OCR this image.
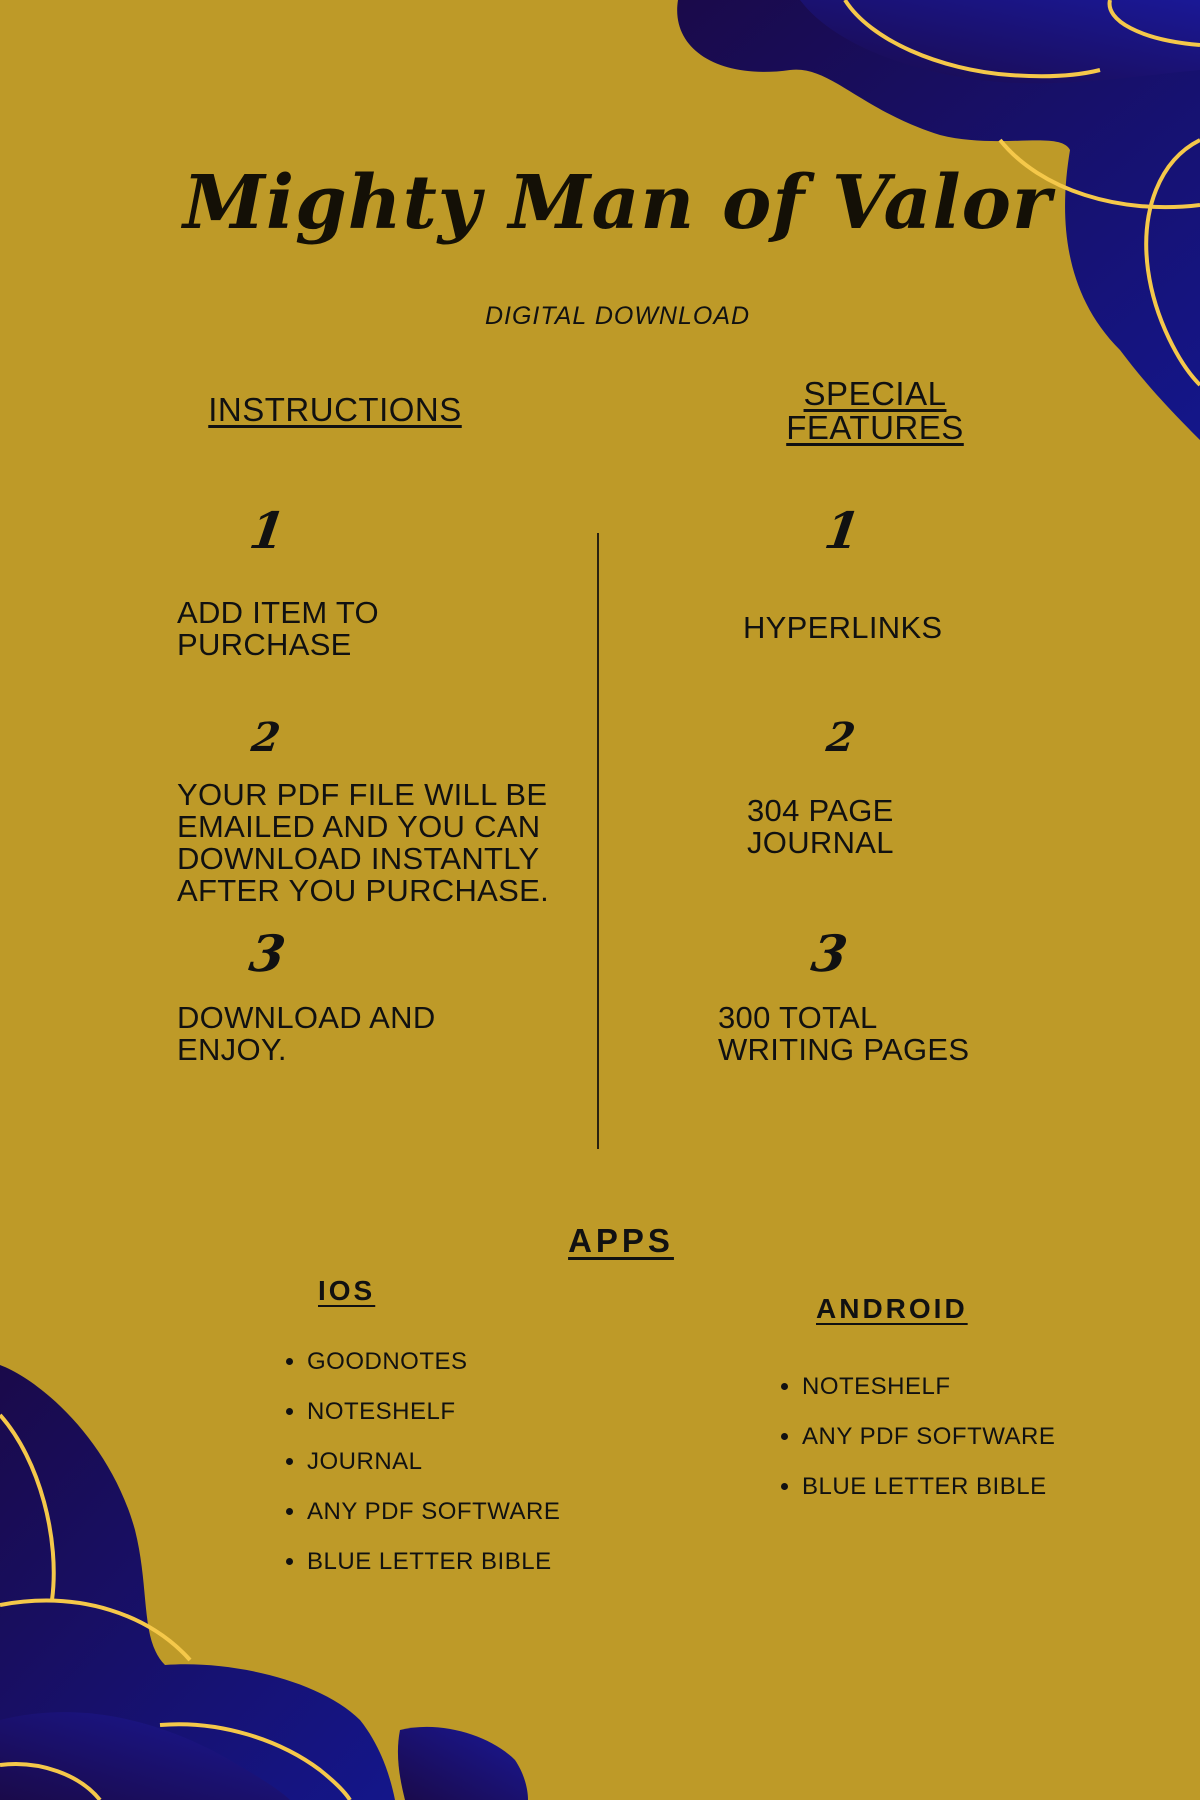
Mighty Man of Valor
DIGITAL DOWNLOAD
INSTRUCTIONS
1
ADD ITEM TO PURCHASE
2
YOUR PDF FILE WILL BE EMAILED AND YOU CAN DOWNLOAD INSTANTLY AFTER YOU PURCHASE.
3
DOWNLOAD AND ENJOY.
SPECIAL FEATURES
1
HYPERLINKS
2
304 PAGE JOURNAL
3
300 TOTAL WRITING PAGES
APPS
IOS
• GOODNOTES
• NOTESHELF
• JOURNAL
• ANY PDF SOFTWARE
• BLUE LETTER BIBLE
ANDROID
• NOTESHELF
• ANY PDF SOFTWARE
• BLUE LETTER BIBLE
